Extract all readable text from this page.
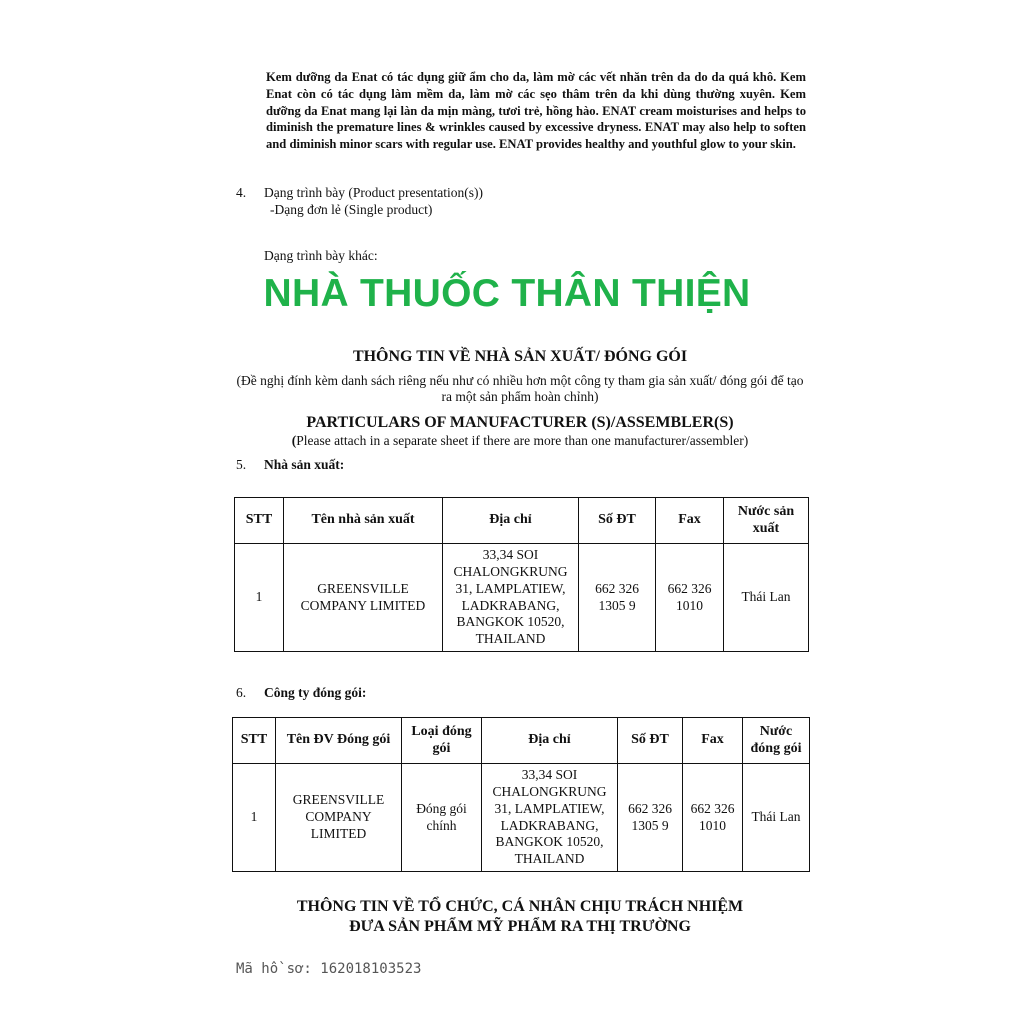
Kem dưỡng da Enat có tác dụng giữ ẩm cho da, làm mờ các vết nhăn trên da do da quá khô. Kem Enat còn có tác dụng làm mềm da, làm mờ các sẹo thâm trên da khi dùng thường xuyên. Kem dưỡng da Enat mang lại làn da mịn màng, tươi trẻ, hồng hào. ENAT cream moisturises and helps to diminish the premature lines & wrinkles caused by excessive dryness. ENAT may also help to soften and diminish minor scars with regular use. ENAT provides healthy and youthful glow to your skin.
4. Dạng trình bày (Product presentation(s))
-Dạng đơn lẻ (Single product)
Dạng trình bày khác:
NHÀ THUỐC THÂN THIỆN
THÔNG TIN VỀ NHÀ SẢN XUẤT/ ĐÓNG GÓI
(Đề nghị đính kèm danh sách riêng nếu như có nhiều hơn một công ty tham gia sản xuất/ đóng gói để tạo ra một sản phẩm hoàn chỉnh)
PARTICULARS OF MANUFACTURER (S)/ASSEMBLER(S)
(Please attach in a separate sheet if there are more than one manufacturer/assembler)
5. Nhà sản xuất:
STT	Tên nhà sản xuất	Địa chỉ	Số ĐT	Fax	Nước sản xuất
1	GREENSVILLE COMPANY LIMITED	33,34 SOI CHALONGKRUNG 31, LAMPLATIEW, LADKRABANG, BANGKOK 10520, THAILAND	662 326 1305 9	662 326 1010	Thái Lan
6. Công ty đóng gói:
STT	Tên ĐV Đóng gói	Loại đóng gói	Địa chỉ	Số ĐT	Fax	Nước đóng gói
1	GREENSVILLE COMPANY LIMITED	Đóng gói chính	33,34 SOI CHALONGKRUNG 31, LAMPLATIEW, LADKRABANG, BANGKOK 10520, THAILAND	662 326 1305 9	662 326 1010	Thái Lan
THÔNG TIN VỀ TỔ CHỨC, CÁ NHÂN CHỊU TRÁCH NHIỆM
ĐƯA SẢN PHẨM MỸ PHẨM RA THỊ TRƯỜNG
Mã hồ sơ: 162018103523
